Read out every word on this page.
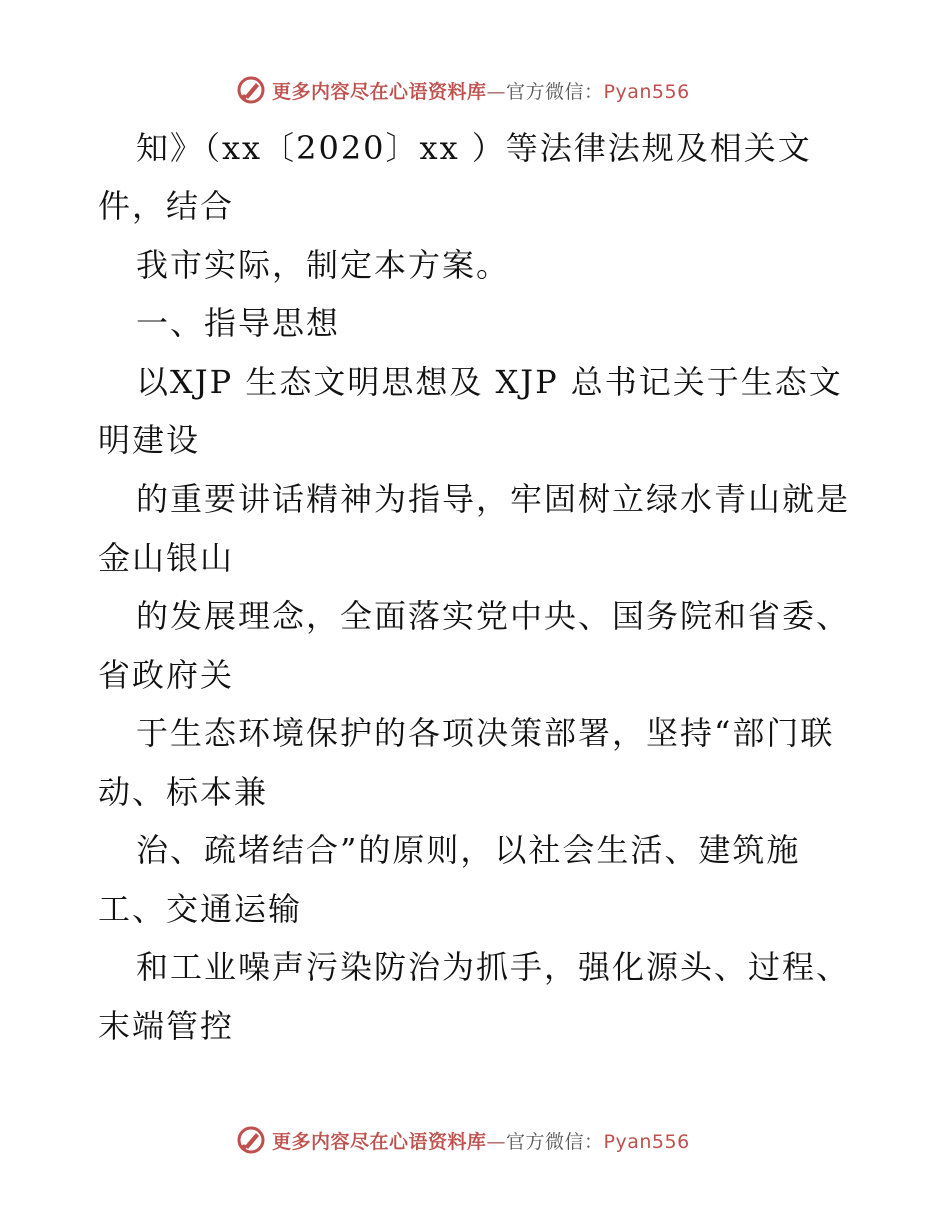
更多内容尽在心语资料库—官方微信：Pyan556
知》（xx〔2020〕xx ）等法律法规及相关文
件，结合
我市实际，制定本方案。
一、指导思想
以XJP 生态文明思想及 XJP 总书记关于生态文
明建设
的重要讲话精神为指导，牢固树立绿水青山就是
金山银山
的发展理念，全面落实党中央、国务院和省委、
省政府关
于生态环境保护的各项决策部署，坚持“部门联
动、标本兼
治、疏堵结合”的原则，以社会生活、建筑施
工、交通运输
和工业噪声污染防治为抓手，强化源头、过程、
末端管控
更多内容尽在心语资料库—官方微信：Pyan556
